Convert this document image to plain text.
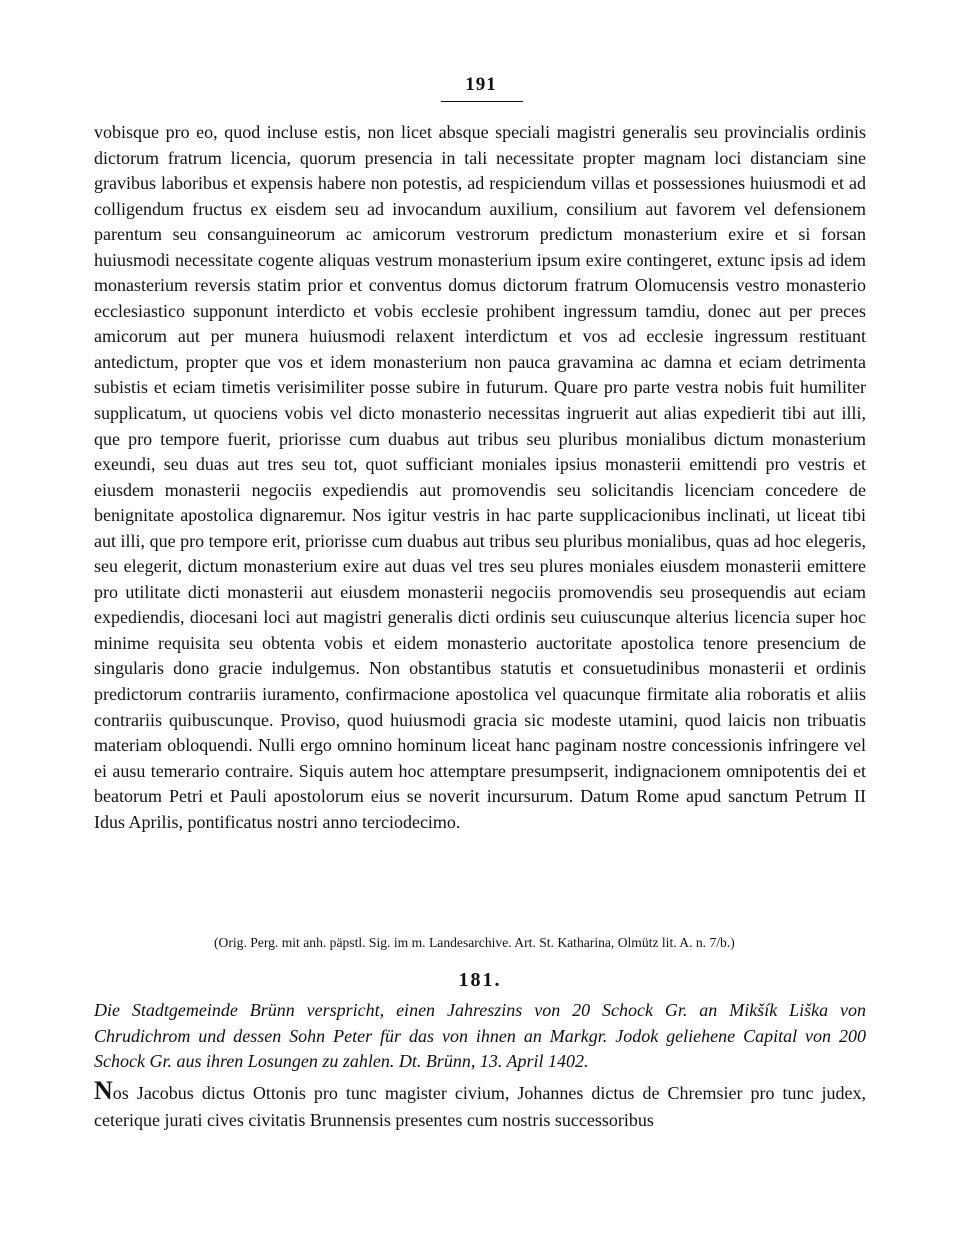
191

vobisque pro eo, quod incluse estis, non licet absque speciali magistri generalis seu provincialis ordinis dictorum fratrum licencia, quorum presencia in tali necessitate propter magnam loci distanciam sine gravibus laboribus et expensis habere non potestis, ad respiciendum villas et possessiones huiusmodi et ad colligendum fructus ex eisdem seu ad invocandum auxilium, consilium aut favorem vel defensionem parentum seu consanguineorum ac amicorum vestrorum predictum monasterium exire et si forsan huiusmodi necessitate cogente aliquas vestrum monasterium ipsum exire contingeret, extunc ipsis ad idem monasterium reversis statim prior et conventus domus dictorum fratrum Olomucensis vestro monasterio ecclesiastico supponunt interdicto et vobis ecclesie prohibent ingressum tamdiu, donec aut per preces amicorum aut per munera huiusmodi relaxent interdictum et vos ad ecclesie ingressum restituant antedictum, propter que vos et idem monasterium non pauca gravamina ac damna et eciam detrimenta subistis et eciam timetis verisimiliter posse subire in futurum. Quare pro parte vestra nobis fuit humiliter supplicatum, ut quociens vobis vel dicto monasterio necessitas ingruerit aut alias expedierit tibi aut illi, que pro tempore fuerit, priorisse cum duabus aut tribus seu pluribus monialibus dictum monasterium exeundi, seu duas aut tres seu tot, quot sufficiant moniales ipsius monasterii emittendi pro vestris et eiusdem monasterii negociis expediendis aut promovendis seu solicitandis licenciam concedere de benignitate apostolica dignaremur. Nos igitur vestris in hac parte supplicacionibus inclinati, ut liceat tibi aut illi, que pro tempore erit, priorisse cum duabus aut tribus seu pluribus monialibus, quas ad hoc elegeris, seu elegerit, dictum monasterium exire aut duas vel tres seu plures moniales eiusdem monasterii emittere pro utilitate dicti monasterii aut eiusdem monasterii negociis promovendis seu prosequendis aut eciam expediendis, diocesani loci aut magistri generalis dicti ordinis seu cuiuscunque alterius licencia super hoc minime requisita seu obtenta vobis et eidem monasterio auctoritate apostolica tenore presencium de singularis dono gracie indulgemus. Non obstantibus statutis et consuetudinibus monasterii et ordinis predictorum contrariis iuramento, confirmacione apostolica vel quacunque firmitate alia roboratis et aliis contrariis quibuscunque. Proviso, quod huiusmodi gracia sic modeste utamini, quod laicis non tribuatis materiam obloquendi. Nulli ergo omnino hominum liceat hanc paginam nostre concessionis infringere vel ei ausu temerario contraire. Siquis autem hoc attemptare presumpserit, indignacionem omnipotentis dei et beatorum Petri et Pauli apostolorum eius se noverit incursurum. Datum Rome apud sanctum Petrum II Idus Aprilis, pontificatus nostri anno terciodecimo.

(Orig. Perg. mit anh. päpstl. Sig. im m. Landesarchive. Art. St. Katharina, Olmütz lit. A. n. 7/b.)
181.

Die Stadtgemeinde Brünn verspricht, einen Jahreszins von 20 Schock Gr. an Mikšík Liška von Chrudichrom und dessen Sohn Peter für das von ihnen an Markgr. Jodok geliehene Capital von 200 Schock Gr. aus ihren Losungen zu zahlen. Dt. Brünn, 13. April 1402.

Nos Jacobus dictus Ottonis pro tunc magister civium, Johannes dictus de Chremsier pro tunc judex, ceterique jurati cives civitatis Brunnensis presentes cum nostris successoribus
